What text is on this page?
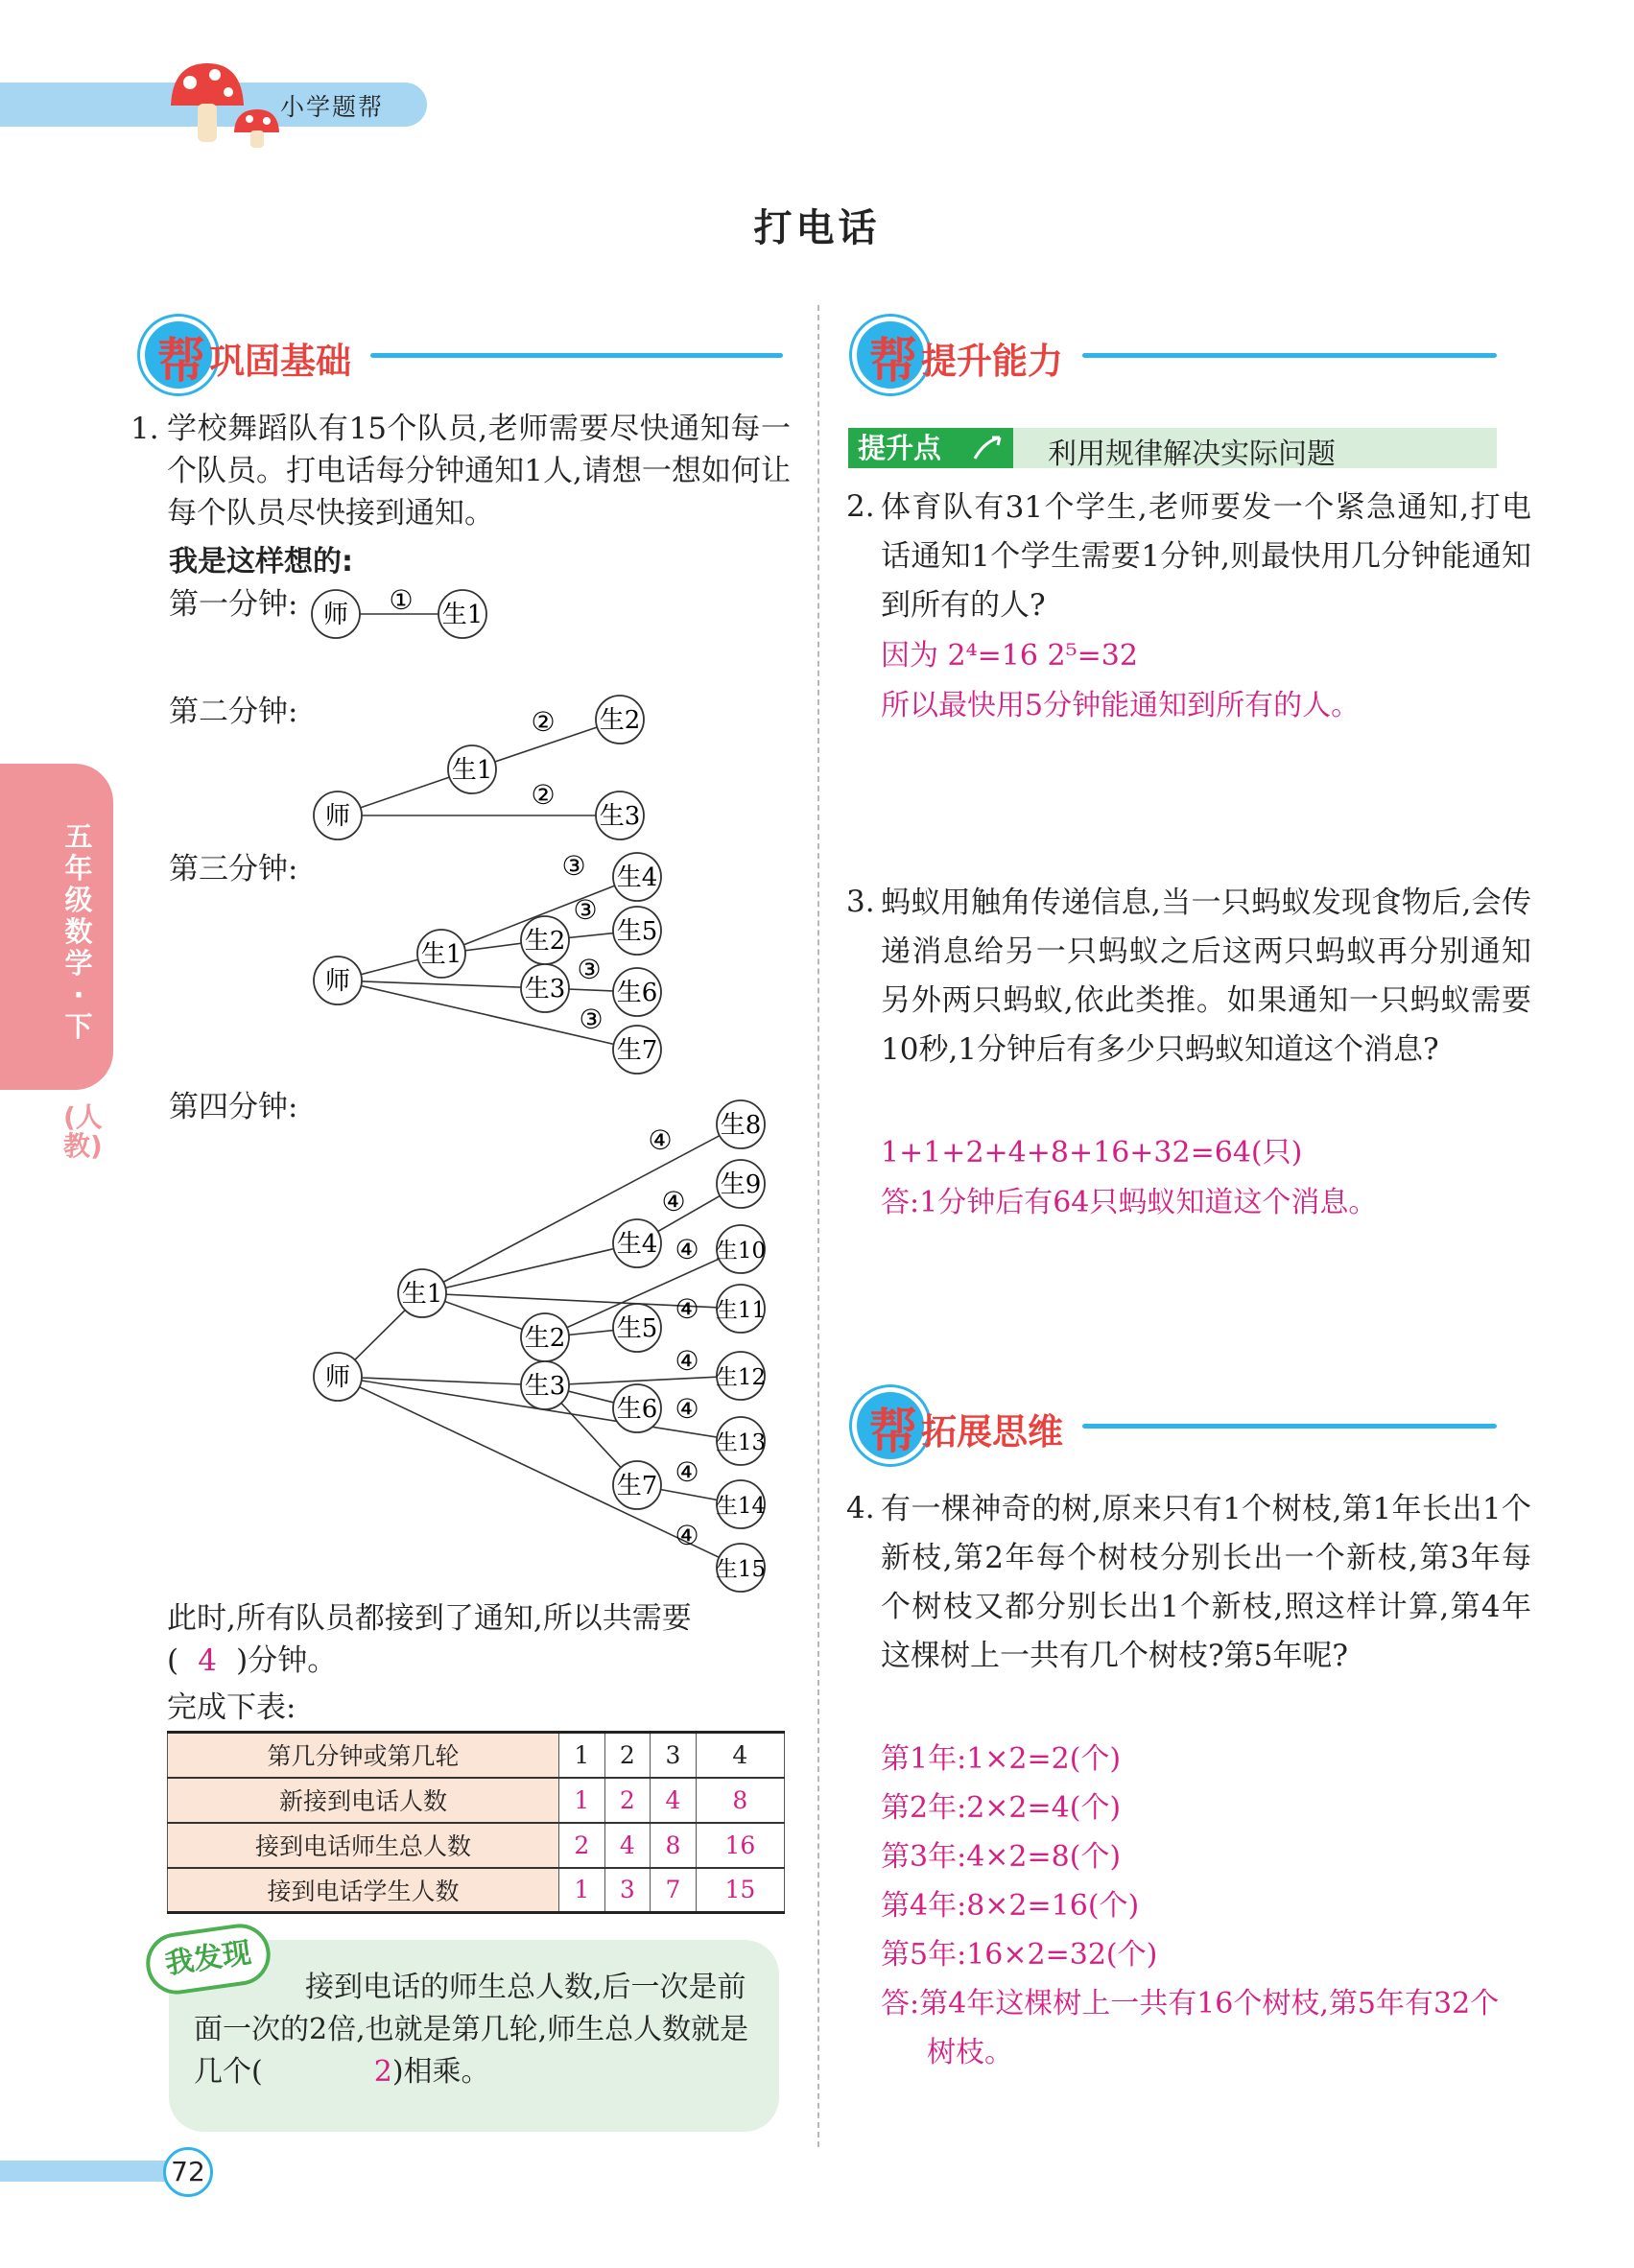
小学题帮
打电话
五年级数学·下
(人教)
帮 巩固基础
1. 学校舞蹈队有15个队员,老师需要尽快通知每一个队员。打电话每分钟通知1人,请想一想如何让每个队员尽快接到通知。
我是这样想的:
第一分钟:
第二分钟:
第三分钟:
第四分钟:
生1
师 ①
生1
生2
生3
师
②
②
生1	生2
生3
生4
生5
生6
生7
师
③
③
③
③
生1
生2
生3
生4
生5
生6
生7
生8
生9
生10
生11
生12
生13
生14
生15
师
④
④
④
④
④
④
④
④
此时,所有队员都接到了通知,所以共需要
( 4 )分钟。
完成下表:
第几分钟或第几轮	1	2	3	4
新接到电话人数	1	2	4	8
接到电话师生总人数	2	4	8	16
接到电话学生人数	1	3	7	15
我发现
接到电话的师生总人数,后一次是前面一次的2倍,也就是第几轮,师生总人数就是几个(	2)相乘。
帮 提升能力
提升点	利用规律解决实际问题
2. 体育队有31个学生,老师要发一个紧急通知,打电话通知1个学生需要1分钟,则最快用几分钟能通知到所有的人?
因为 2⁴=16 2⁵=32
所以最快用5分钟能通知到所有的人。
3. 蚂蚁用触角传递信息,当一只蚂蚁发现食物后,会传递消息给另一只蚂蚁之后这两只蚂蚁再分别通知另外两只蚂蚁,依此类推。如果通知一只蚂蚁需要10秒,1分钟后有多少只蚂蚁知道这个消息?
1+1+2+4+8+16+32=64(只)
答:1分钟后有64只蚂蚁知道这个消息。
帮 拓展思维
4. 有一棵神奇的树,原来只有1个树枝,第1年长出1个新枝,第2年每个树枝分别长出一个新枝,第3年每个树枝又都分别长出1个新枝,照这样计算,第4年这棵树上一共有几个树枝?第5年呢?
第1年:1×2=2(个)
第2年:2×2=4(个)
第3年:4×2=8(个)
第4年:8×2=16(个)
第5年:16×2=32(个)
答:第4年这棵树上一共有16个树枝,第5年有32个树枝。
72
